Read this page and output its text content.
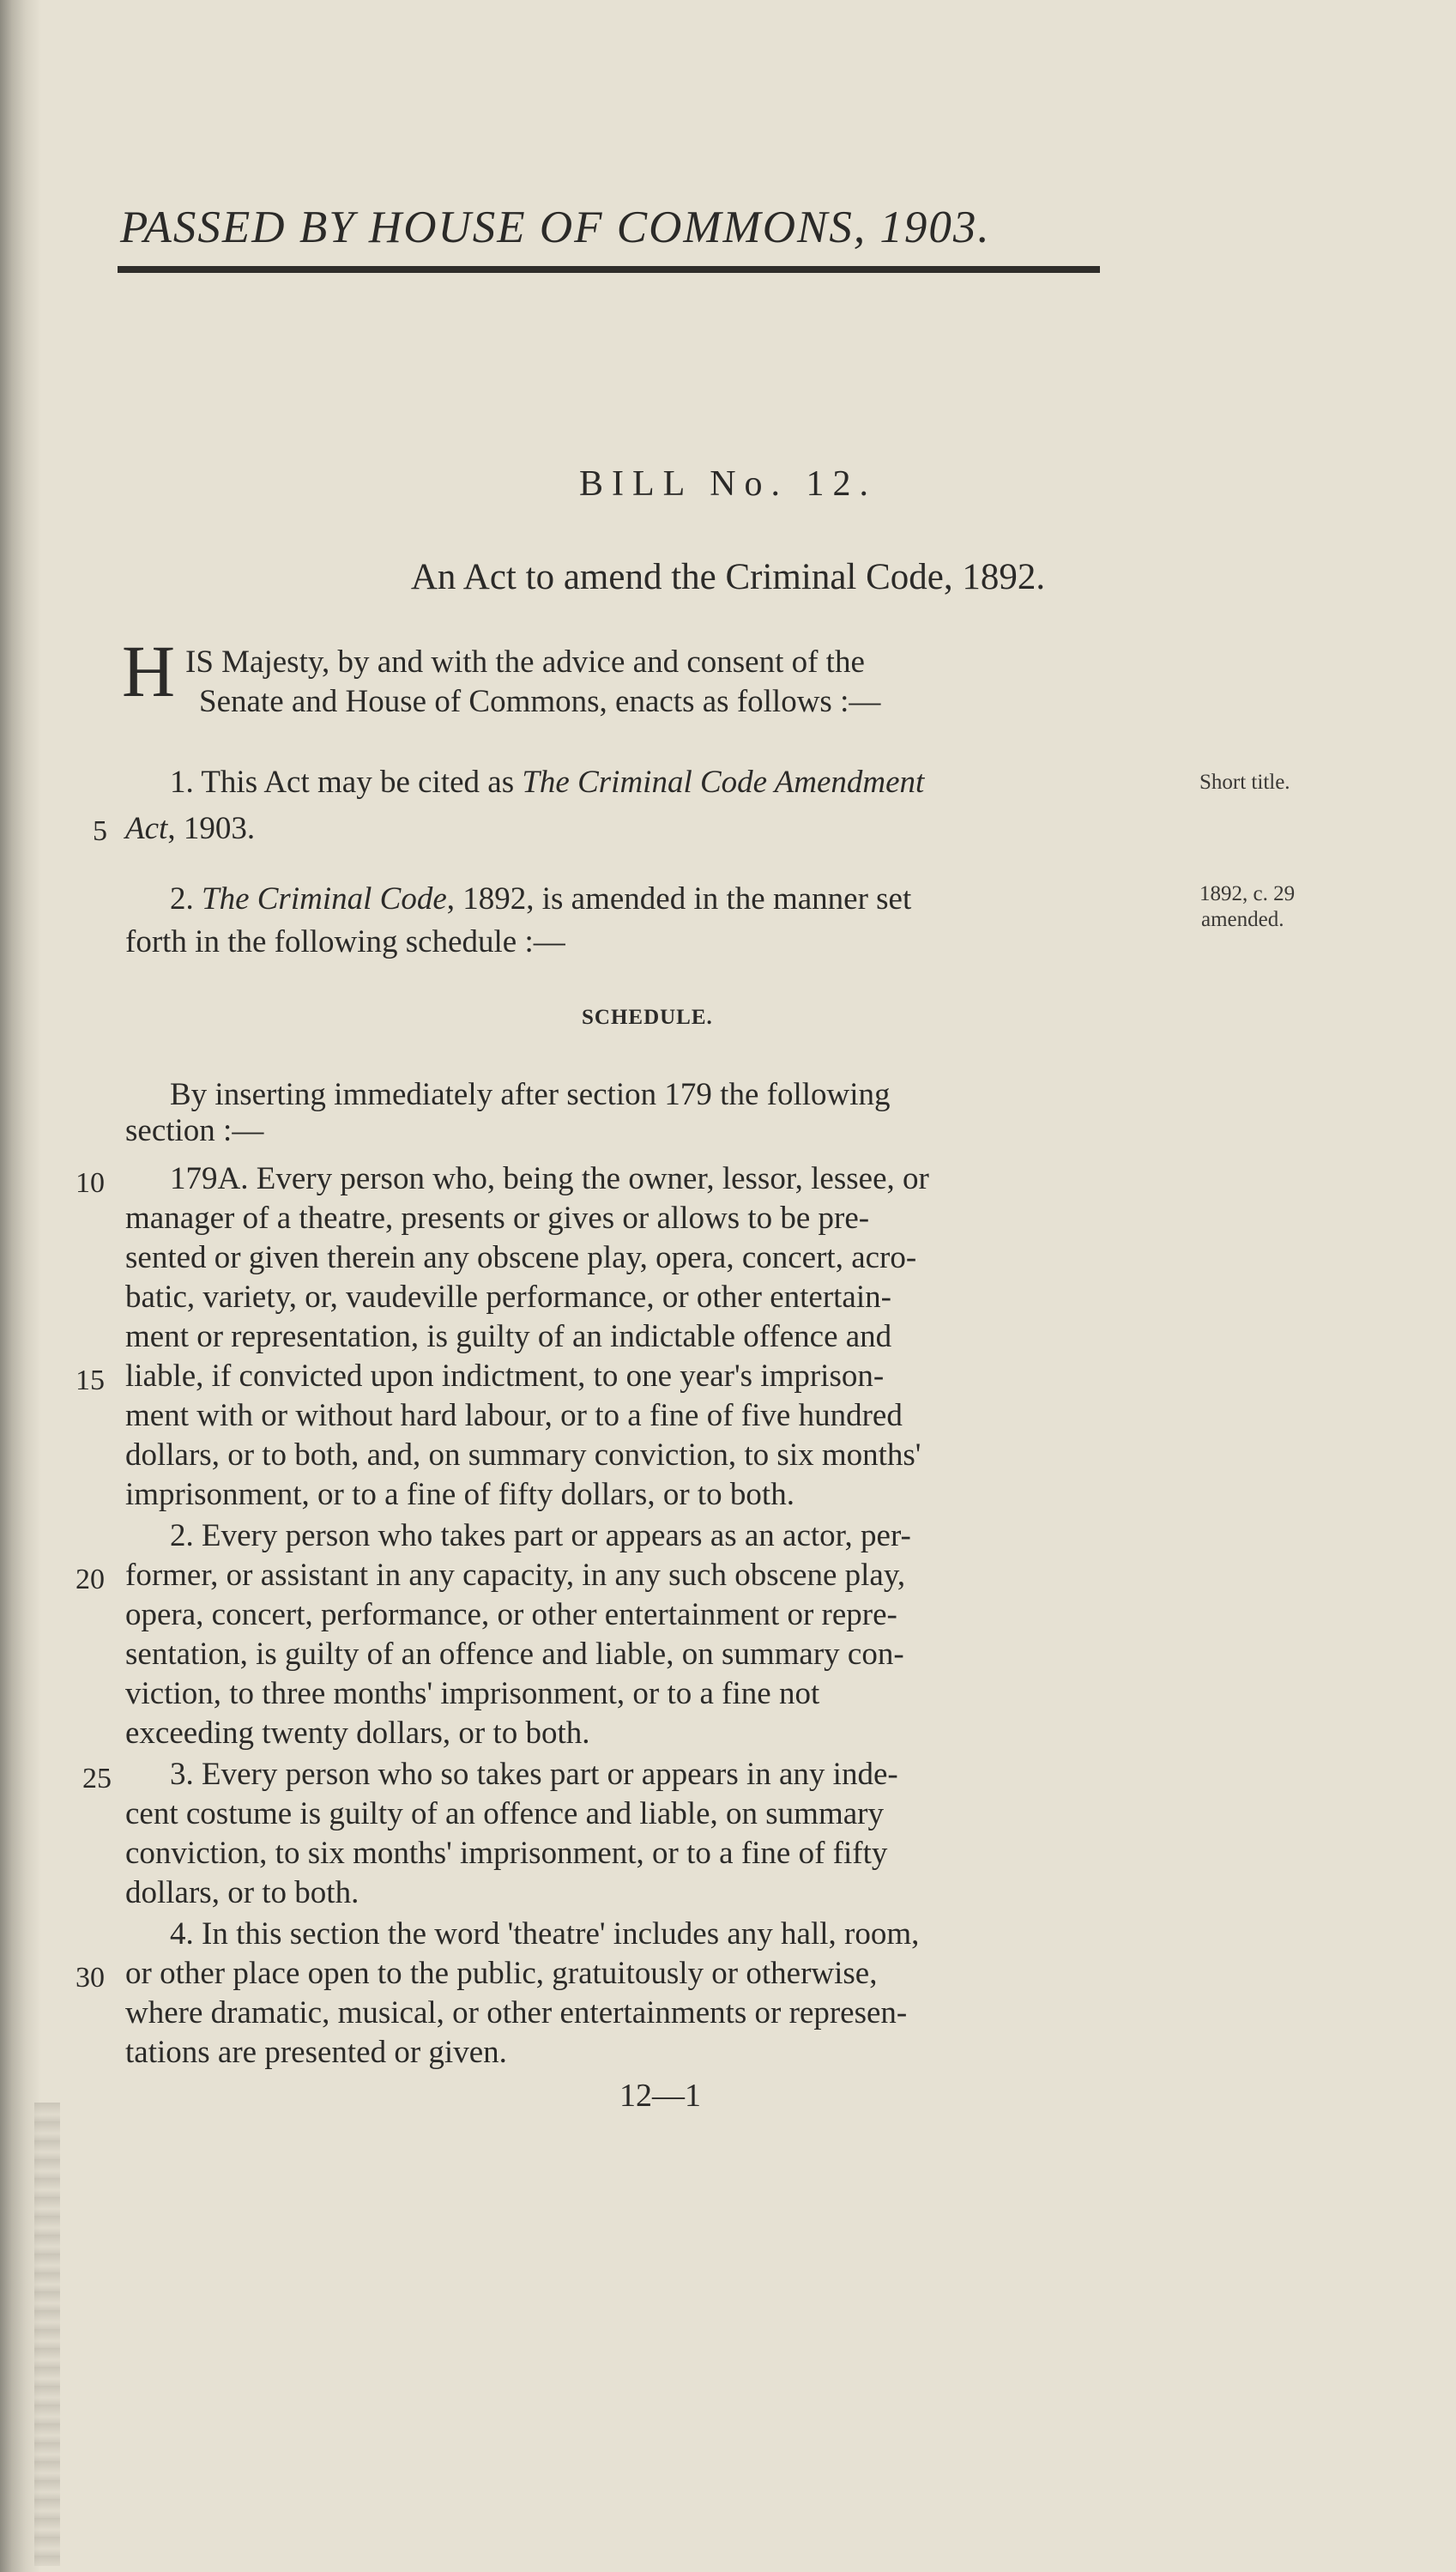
PASSED BY HOUSE OF COMMONS, 1903.
BILL No. 12.
An Act to amend the Criminal Code, 1892.
H IS Majesty, by and with the advice and consent of the
Senate and House of Commons, enacts as follows :—
1. This Act may be cited as The Criminal Code Amendment
Act, 1903.
Short title.
2. The Criminal Code, 1892, is amended in the manner set
forth in the following schedule :—
1892, c. 29
amended.
SCHEDULE.
By inserting immediately after section 179 the following
section :—
179A. Every person who, being the owner, lessor, lessee, or
manager of a theatre, presents or gives or allows to be pre-
sented or given therein any obscene play, opera, concert, acro-
batic, variety, or, vaudeville performance, or other entertain-
ment or representation, is guilty of an indictable offence and
liable, if convicted upon indictment, to one year's imprison-
ment with or without hard labour, or to a fine of five hundred
dollars, or to both, and, on summary conviction, to six months'
imprisonment, or to a fine of fifty dollars, or to both.
2. Every person who takes part or appears as an actor, per-
former, or assistant in any capacity, in any such obscene play,
opera, concert, performance, or other entertainment or repre-
sentation, is guilty of an offence and liable, on summary con-
viction, to three months' imprisonment, or to a fine not
exceeding twenty dollars, or to both.
3. Every person who so takes part or appears in any inde-
cent costume is guilty of an offence and liable, on summary
conviction, to six months' imprisonment, or to a fine of fifty
dollars, or to both.
4. In this section the word 'theatre' includes any hall, room,
or other place open to the public, gratuitously or otherwise,
where dramatic, musical, or other entertainments or represen-
tations are presented or given.
5
10
15
20
25
30
12—1
